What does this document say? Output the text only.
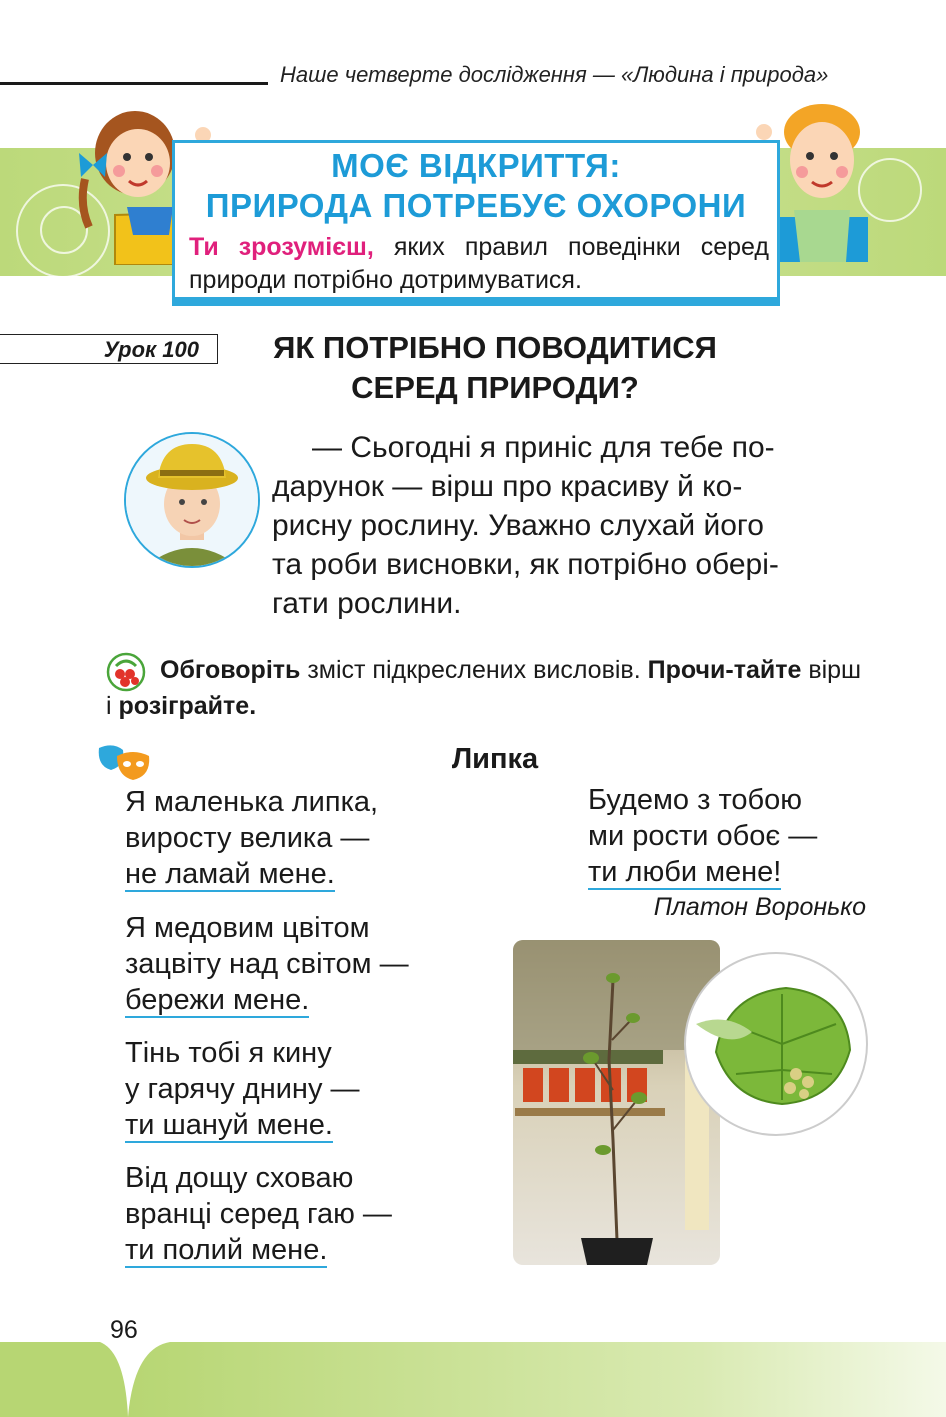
Наше четверте дослідження — «Людина і природа»
МОЄ ВІДКРИТТЯ:
ПРИРОДА ПОТРЕБУЄ ОХОРОНИ
Ти зрозумієш, яких правил поведінки серед природи потрібно дотримуватися.
Урок 100	ЯК ПОТРІБНО ПОВОДИТИСЯ
СЕРЕД ПРИРОДИ?
— Сьогодні я приніс для тебе по-
дарунок — вірш про красиву й ко-
рисну рослину. Уважно слухай його
та роби висновки, як потрібно обері-
гати рослини.
Обговоріть зміст підкреслених висловів. Прочи-тайте вірш і розіграйте.
Липка
Я маленька липка,
виросту велика —
не ламай мене.
Я медовим цвітом
зацвіту над світом —
бережи мене.
Тінь тобі я кину
у гарячу днину —
ти шануй мене.
Від дощу сховаю
вранці серед гаю —
ти полий мене.
Будемо з тобою
ми рости обоє —
ти люби мене!
Платон Воронько
96
